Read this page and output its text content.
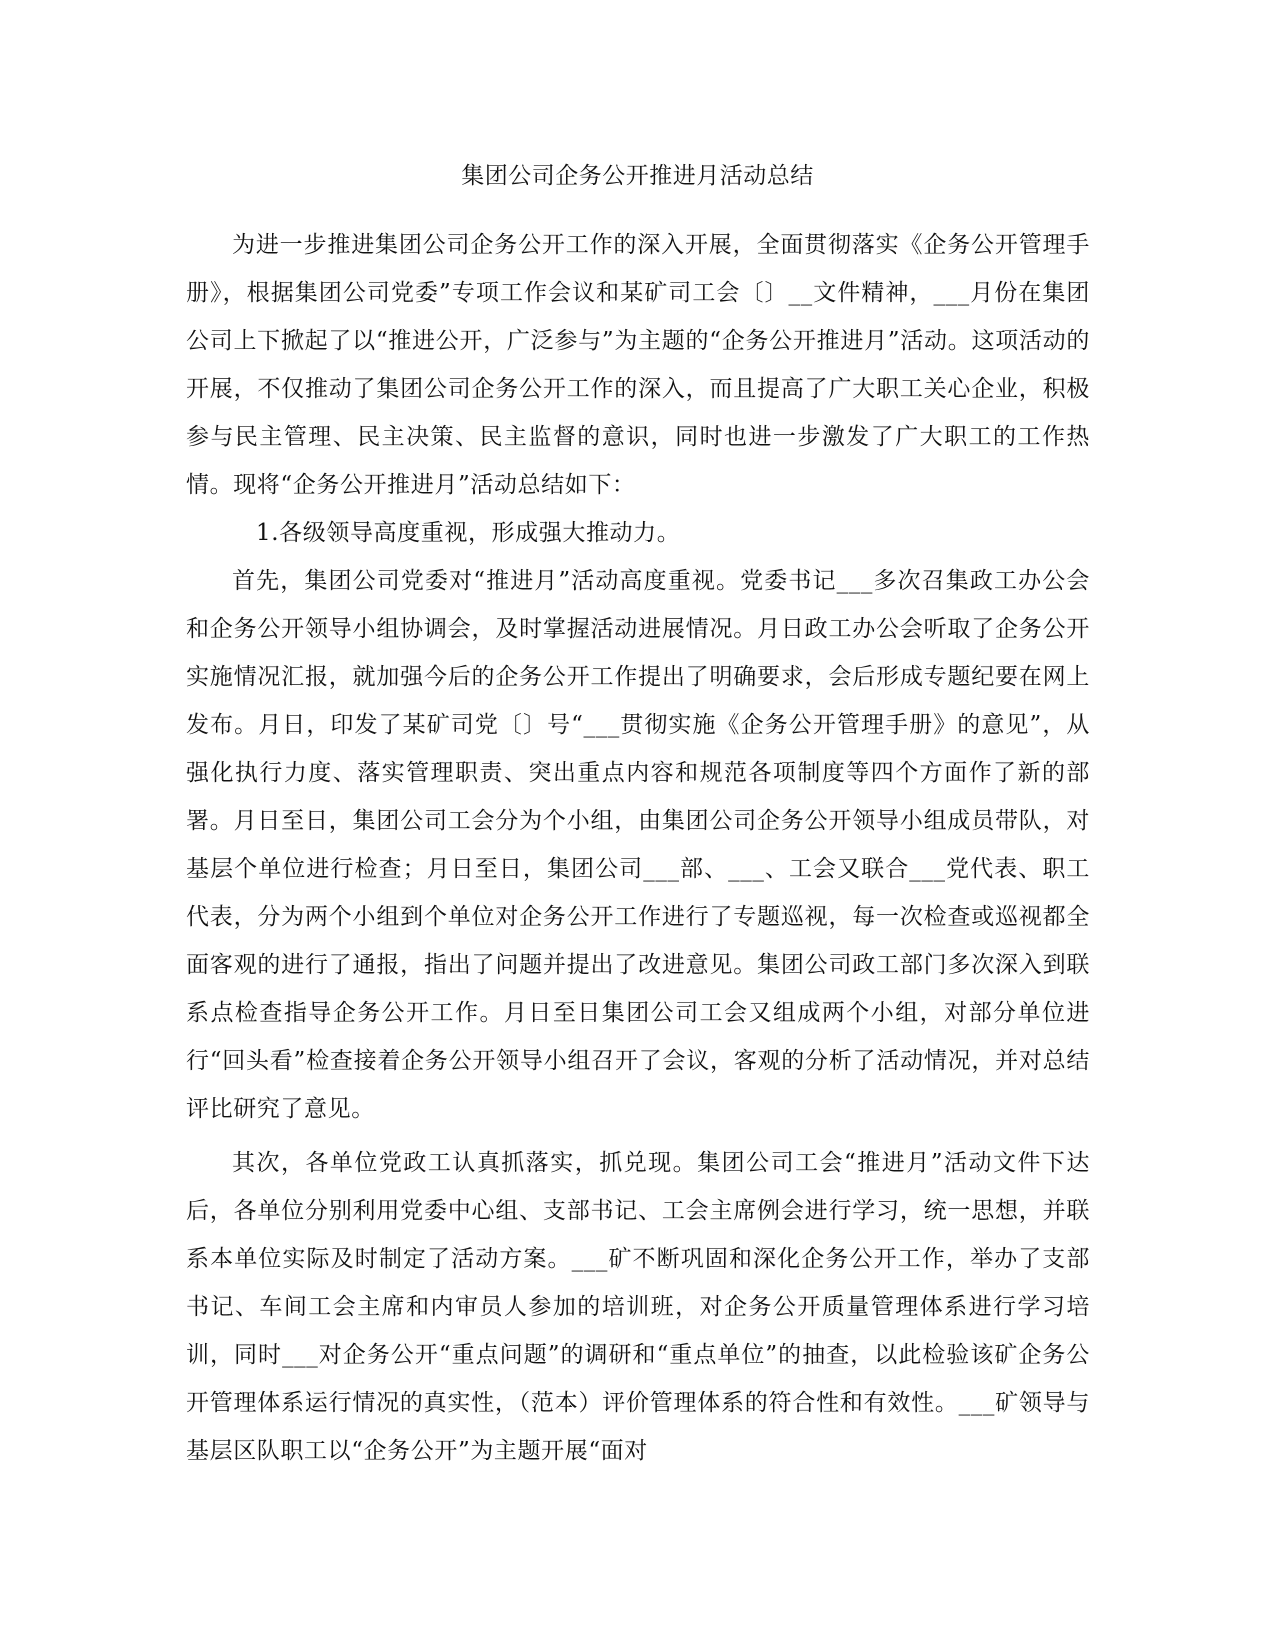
集团公司企务公开推进月活动总结

为进一步推进集团公司企务公开工作的深入开展，全面贯彻落实《企务公开管理手册》，根据集团公司党委”专项工作会议和某矿司工会〔〕__文件精神，___月份在集团公司上下掀起了以“推进公开，广泛参与”为主题的“企务公开推进月”活动。这项活动的开展，不仅推动了集团公司企务公开工作的深入，而且提高了广大职工关心企业，积极参与民主管理、民主决策、民主监督的意识，同时也进一步激发了广大职工的工作热情。现将“企务公开推进月”活动总结如下：

1.各级领导高度重视，形成强大推动力。

首先，集团公司党委对“推进月”活动高度重视。党委书记___多次召集政工办公会和企务公开领导小组协调会，及时掌握活动进展情况。月日政工办公会听取了企务公开实施情况汇报，就加强今后的企务公开工作提出了明确要求，会后形成专题纪要在网上发布。月日，印发了某矿司党〔〕号“___贯彻实施《企务公开管理手册》的意见”，从强化执行力度、落实管理职责、突出重点内容和规范各项制度等四个方面作了新的部署。月日至日，集团公司工会分为个小组，由集团公司企务公开领导小组成员带队，对基层个单位进行检查；月日至日，集团公司___部、___、工会又联合___党代表、职工代表，分为两个小组到个单位对企务公开工作进行了专题巡视，每一次检查或巡视都全面客观的进行了通报，指出了问题并提出了改进意见。集团公司政工部门多次深入到联系点检查指导企务公开工作。月日至日集团公司工会又组成两个小组，对部分单位进行“回头看”检查接着企务公开领导小组召开了会议，客观的分析了活动情况，并对总结评比研究了意见。

其次，各单位党政工认真抓落实，抓兑现。集团公司工会“推进月”活动文件下达后，各单位分别利用党委中心组、支部书记、工会主席例会进行学习，统一思想，并联系本单位实际及时制定了活动方案。___矿不断巩固和深化企务公开工作，举办了支部书记、车间工会主席和内审员人参加的培训班，对企务公开质量管理体系进行学习培训，同时___对企务公开“重点问题”的调研和“重点单位”的抽查，以此检验该矿企务公开管理体系运行情况的真实性，（范本）评价管理体系的符合性和有效性。___矿领导与基层区队职工以“企务公开”为主题开展“面对
